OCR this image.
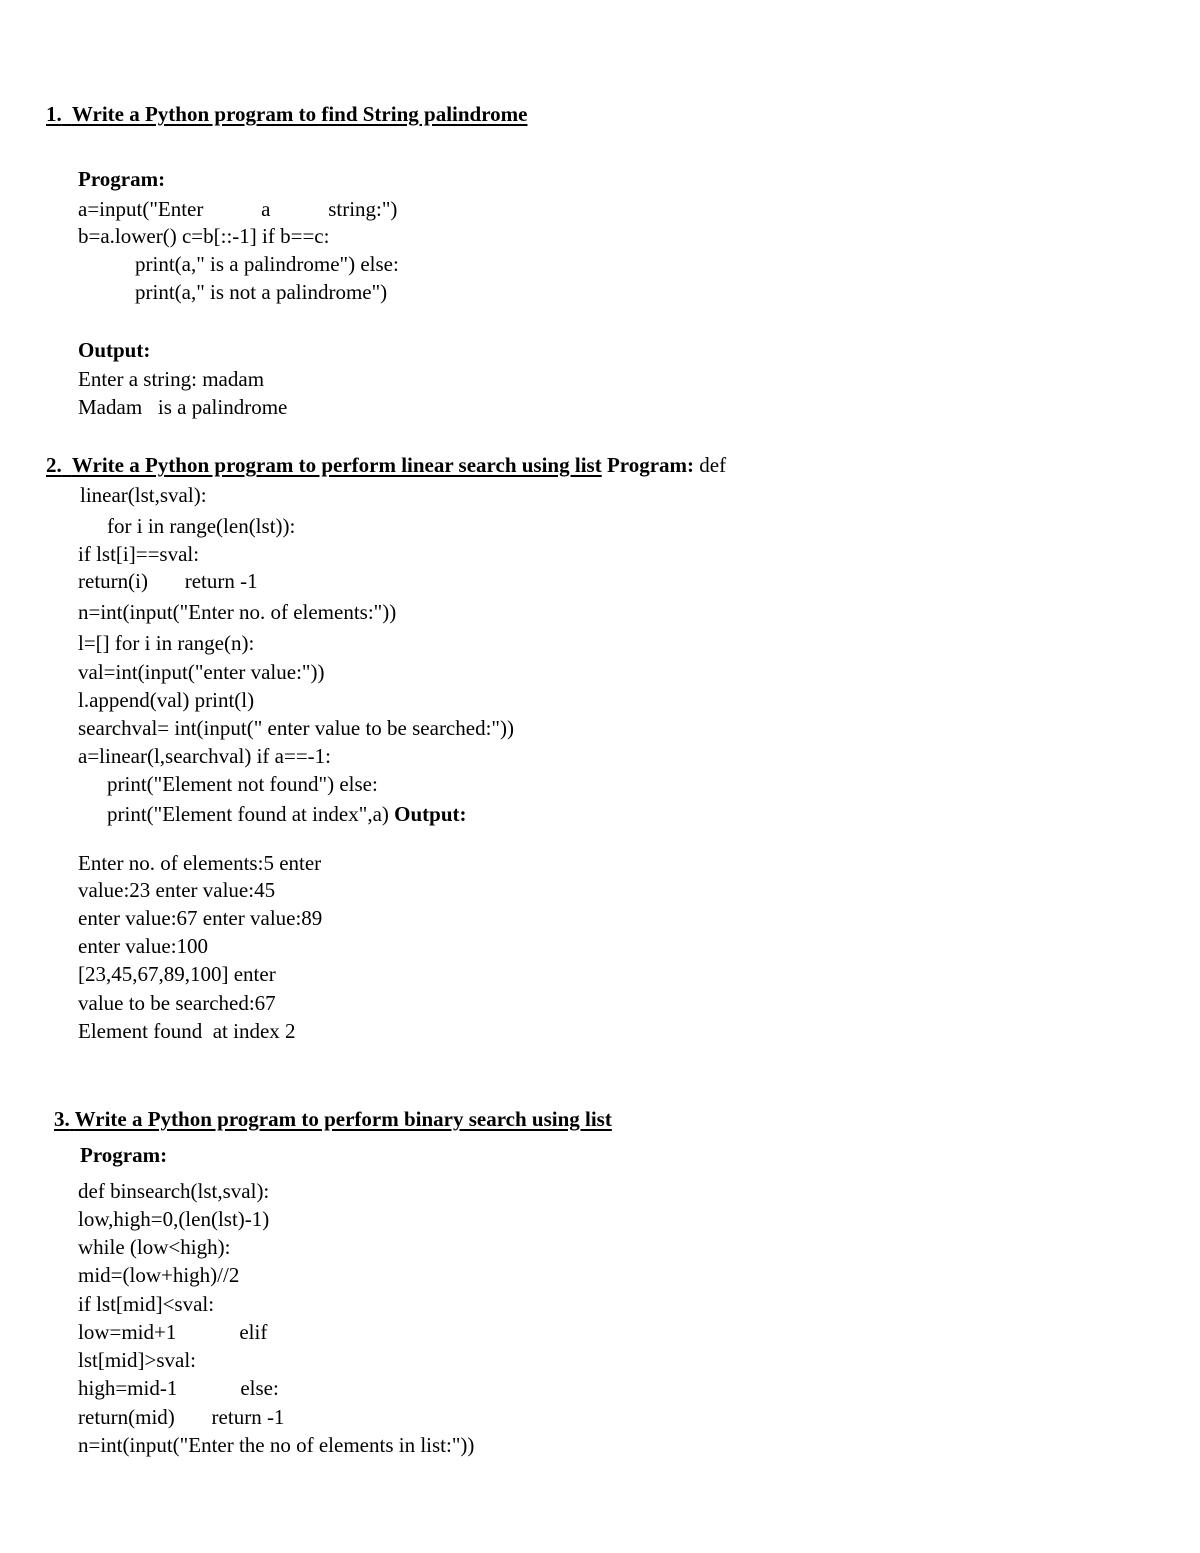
1. Write a Python program to find String palindrome
Program:
a=input("Enter           a           string:")
b=a.lower() c=b[::-1] if b==c:
print(a," is a palindrome") else:
print(a," is not a palindrome")
Output:
Enter a string: madam
Madam   is a palindrome
2. Write a Python program to perform linear search using list Program: def
linear(lst,sval):
for i in range(len(lst)):
if lst[i]==sval:
return(i)       return -1
n=int(input("Enter no. of elements:"))
l=[] for i in range(n):
val=int(input("enter value:"))
l.append(val) print(l)
searchval= int(input(" enter value to be searched:"))
a=linear(l,searchval) if a==-1:
print("Element not found") else:
print("Element found at index",a) Output:
Enter no. of elements:5 enter
value:23 enter value:45
enter value:67 enter value:89
enter value:100
[23,45,67,89,100] enter
value to be searched:67
Element found  at index 2
3. Write a Python program to perform binary search using list
Program:
def binsearch(lst,sval):
low,high=0,(len(lst)-1)
while (low<high):
mid=(low+high)//2
if lst[mid]<sval:
low=mid+1            elif
lst[mid]>sval:
high=mid-1            else:
return(mid)       return -1
n=int(input("Enter the no of elements in list:"))
